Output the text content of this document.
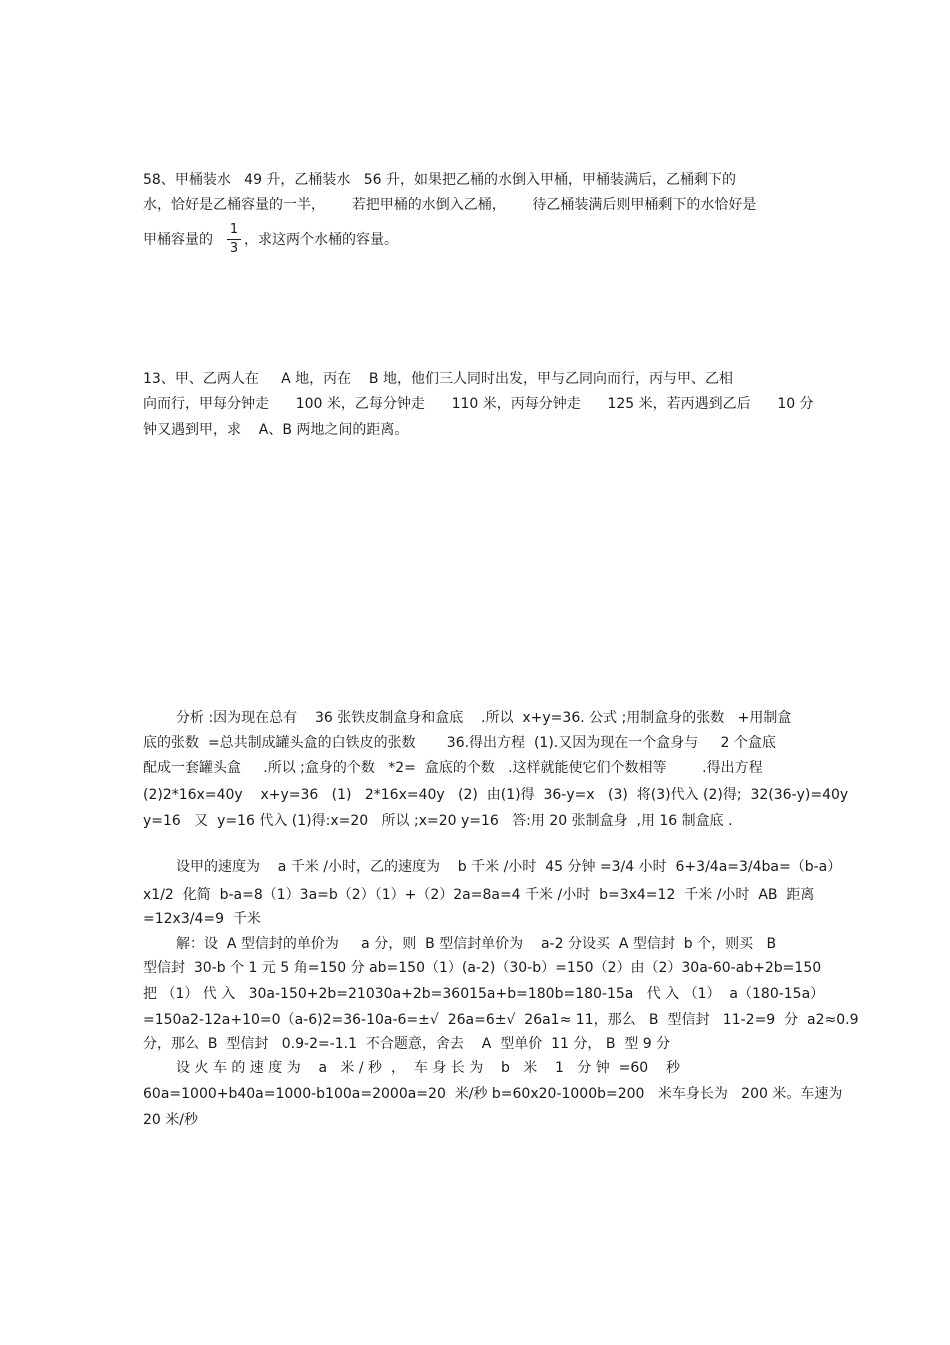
58、甲桶装水   49 升，乙桶装水   56 升，如果把乙桶的水倒入甲桶，甲桶装满后，乙桶剩下的
水，恰好是乙桶容量的一半，      若把甲桶的水倒入乙桶，      待乙桶装满后则甲桶剩下的水恰好是
甲桶容量的
1
3
，求这两个水桶的容量。
13、甲、乙两人在     A 地，丙在    B 地，他们三人同时出发，甲与乙同向而行，丙与甲、乙相
向而行，甲每分钟走      100 米，乙每分钟走      110 米，丙每分钟走      125 米，若丙遇到乙后      10 分
钟又遇到甲，求    A、B 两地之间的距离。
分析 :因为现在总有    36 张铁皮制盒身和盒底    .所以  x+y=36. 公式 ;用制盒身的张数   +用制盒
底的张数  =总共制成罐头盒的白铁皮的张数       36.得出方程  (1).又因为现在一个盒身与     2 个盒底
配成一套罐头盒     .所以 ;盒身的个数   *2=  盒底的个数   .这样就能使它们个数相等        .得出方程
(2)2*16x=40y    x+y=36   (1)   2*16x=40y   (2)  由(1)得  36-y=x   (3)  将(3)代入 (2)得;  32(36-y)=40y
y=16   又  y=16 代入 (1)得:x=20   所以 ;x=20 y=16   答:用 20 张制盒身  ,用 16 制盒底 .
设甲的速度为    a 千米 /小时，乙的速度为    b 千米 /小时  45 分钟 =3/4 小时  6+3/4a=3/4ba=（b-a）
x1/2  化简  b-a=8（1）3a=b（2）（1）+（2）2a=8a=4 千米 /小时  b=3x4=12  千米 /小时  AB  距离
=12x3/4=9  千米
解：设  A 型信封的单价为     a 分，则  B 型信封单价为    a-2 分设买  A 型信封  b 个，则买   B
型信封  30-b 个 1 元 5 角=150 分 ab=150（1）(a-2)（30-b）=150（2）由（2）30a-60-ab+2b=150
把 （1） 代 入   30a-150+2b=21030a+2b=36015a+b=180b=180-15a   代 入 （1）  a（180-15a）
=150a2-12a+10=0（a-6)2=36-10a-6=±√  26a=6±√  26a1≈ 11，那么   B  型信封   11-2=9  分  a2≈0.9
分，那么  B  型信封   0.9-2=-1.1  不合题意，舍去    A  型单价  11 分， B  型 9 分
设 火 车 的 速 度 为    a   米 / 秒  ，  车 身 长 为    b   米    1   分 钟  =60    秒
60a=1000+b40a=1000-b100a=2000a=20  米/秒 b=60x20-1000b=200   米车身长为   200 米。车速为
20 米/秒
